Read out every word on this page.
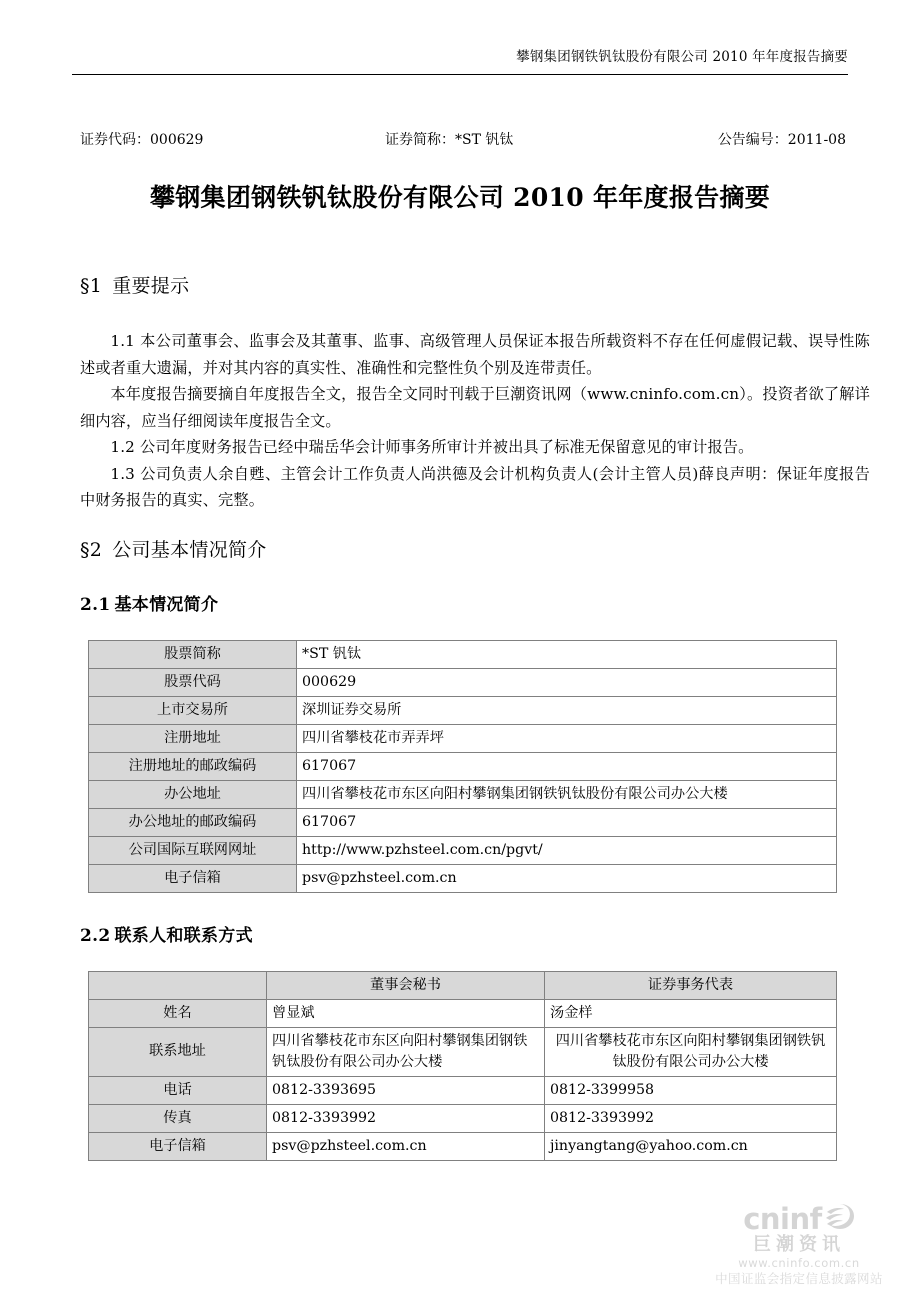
攀钢集团钢铁钒钛股份有限公司 2010 年年度报告摘要
证券代码：000629	证券简称：*ST 钒钛	公告编号：2011-08
攀钢集团钢铁钒钛股份有限公司 2010 年年度报告摘要
§1 重要提示

1.1 本公司董事会、监事会及其董事、监事、高级管理人员保证本报告所载资料不存在任何虚假记载、误导性陈述或者重大遗漏，并对其内容的真实性、准确性和完整性负个别及连带责任。

本年度报告摘要摘自年度报告全文，报告全文同时刊载于巨潮资讯网（www.cninfo.com.cn）。投资者欲了解详细内容，应当仔细阅读年度报告全文。

1.2 公司年度财务报告已经中瑞岳华会计师事务所审计并被出具了标准无保留意见的审计报告。

1.3 公司负责人余自甦、主管会计工作负责人尚洪德及会计机构负责人(会计主管人员)薛良声明：保证年度报告中财务报告的真实、完整。

§2 公司基本情况简介
2.1 基本情况简介
股票简称	*ST 钒钛
股票代码	000629
上市交易所	深圳证券交易所
注册地址	四川省攀枝花市弄弄坪
注册地址的邮政编码	617067
办公地址	四川省攀枝花市东区向阳村攀钢集团钢铁钒钛股份有限公司办公大楼
办公地址的邮政编码	617067
公司国际互联网网址	http://www.pzhsteel.com.cn/pgvt/
电子信箱	psv@pzhsteel.com.cn
2.2 联系人和联系方式
	董事会秘书	证券事务代表
姓名	曾显斌	汤金样
联系地址	四川省攀枝花市东区向阳村攀钢集团钢铁钒钛股份有限公司办公大楼	四川省攀枝花市东区向阳村攀钢集团钢铁钒钛股份有限公司办公大楼
电话	0812-3393695	0812-3399958
传真	0812-3393992	0812-3393992
电子信箱	psv@pzhsteel.com.cn	jinyangtang@yahoo.com.cn
cninf
巨潮资讯
www.cninfo.com.cn
中国证监会指定信息披露网站
